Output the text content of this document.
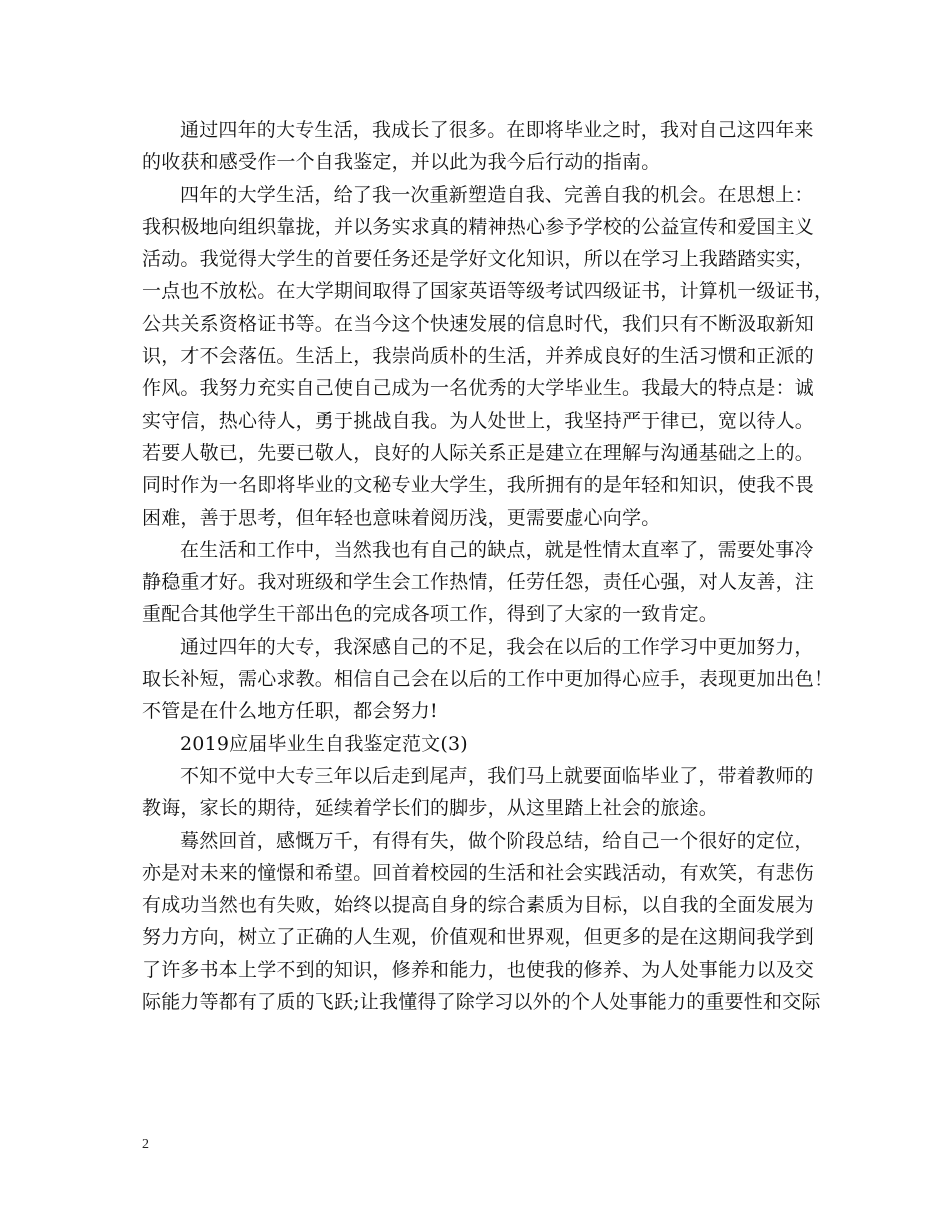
通过四年的大专生活，我成长了很多。在即将毕业之时，我对自己这四年来
的收获和感受作一个自我鉴定，并以此为我今后行动的指南。
四年的大学生活，给了我一次重新塑造自我、完善自我的机会。在思想上：
我积极地向组织靠拢，并以务实求真的精神热心参予学校的公益宣传和爱国主义
活动。我觉得大学生的首要任务还是学好文化知识，所以在学习上我踏踏实实，
一点也不放松。在大学期间取得了国家英语等级考试四级证书，计算机一级证书，
公共关系资格证书等。在当今这个快速发展的信息时代，我们只有不断汲取新知
识，才不会落伍。生活上，我崇尚质朴的生活，并养成良好的生活习惯和正派的
作风。我努力充实自己使自己成为一名优秀的大学毕业生。我最大的特点是：诚
实守信，热心待人，勇于挑战自我。为人处世上，我坚持严于律已，宽以待人。
若要人敬已，先要已敬人，良好的人际关系正是建立在理解与沟通基础之上的。
同时作为一名即将毕业的文秘专业大学生，我所拥有的是年轻和知识，使我不畏
困难，善于思考，但年轻也意味着阅历浅，更需要虚心向学。
在生活和工作中，当然我也有自己的缺点，就是性情太直率了，需要处事冷
静稳重才好。我对班级和学生会工作热情，任劳任怨，责任心强，对人友善，注
重配合其他学生干部出色的完成各项工作，得到了大家的一致肯定。
通过四年的大专，我深感自己的不足，我会在以后的工作学习中更加努力，
取长补短，需心求教。相信自己会在以后的工作中更加得心应手，表现更加出色！
不管是在什么地方任职，都会努力!
2019应届毕业生自我鉴定范文(3)
不知不觉中大专三年以后走到尾声，我们马上就要面临毕业了，带着教师的
教诲，家长的期待，延续着学长们的脚步，从这里踏上社会的旅途。
蓦然回首，感慨万千，有得有失，做个阶段总结，给自己一个很好的定位，
亦是对未来的憧憬和希望。回首着校园的生活和社会实践活动，有欢笑，有悲伤
有成功当然也有失败，始终以提高自身的综合素质为目标，以自我的全面发展为
努力方向，树立了正确的人生观，价值观和世界观，但更多的是在这期间我学到
了许多书本上学不到的知识，修养和能力，也使我的修养、为人处事能力以及交
际能力等都有了质的飞跃;让我懂得了除学习以外的个人处事能力的重要性和交际
2
